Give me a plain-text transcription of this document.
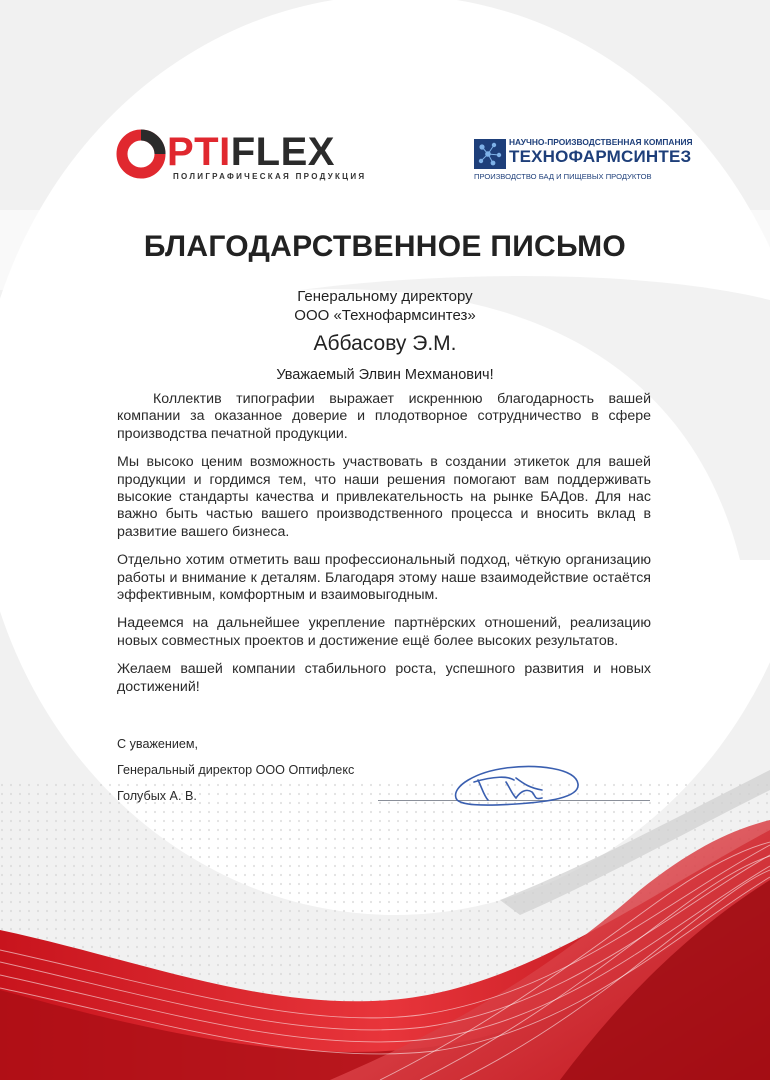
PTIFLEX
ПОЛИГРАФИЧЕСКАЯ ПРОДУКЦИЯ
НАУЧНО-ПРОИЗВОДСТВЕННАЯ КОМПАНИЯ
ТЕХНОФАРМСИНТЕЗ
ПРОИЗВОДСТВО БАД И ПИЩЕВЫХ ПРОДУКТОВ
БЛАГОДАРСТВЕННОЕ ПИСЬМО
Генеральному директору
ООО «Технофармсинтез»
Аббасову Э.М.
Уважаемый Элвин Мехманович!

Коллектив типографии выражает искреннюю благодарность вашей компании за оказанное доверие и плодотворное сотрудничество в сфере производства печатной продукции.

Мы высоко ценим возможность участвовать в создании этикеток для вашей продукции и гордимся тем, что наши решения помогают вам поддерживать высокие стандарты качества и привлекательность на рынке БАДов. Для нас важно быть частью вашего производственного процесса и вносить вклад в развитие вашего бизнеса.

Отдельно хотим отметить ваш профессиональный подход, чёткую организацию работы и внимание к деталям. Благодаря этому наше взаимодействие остаётся эффективным, комфортным и взаимовыгодным.

Надеемся на дальнейшее укрепление партнёрских отношений, реализацию новых совместных проектов и достижение ещё более высоких результатов.

Желаем вашей компании стабильного роста, успешного развития и новых достижений!

С уважением,
Генеральный директор ООО Оптифлекс
Голубых А. В.
